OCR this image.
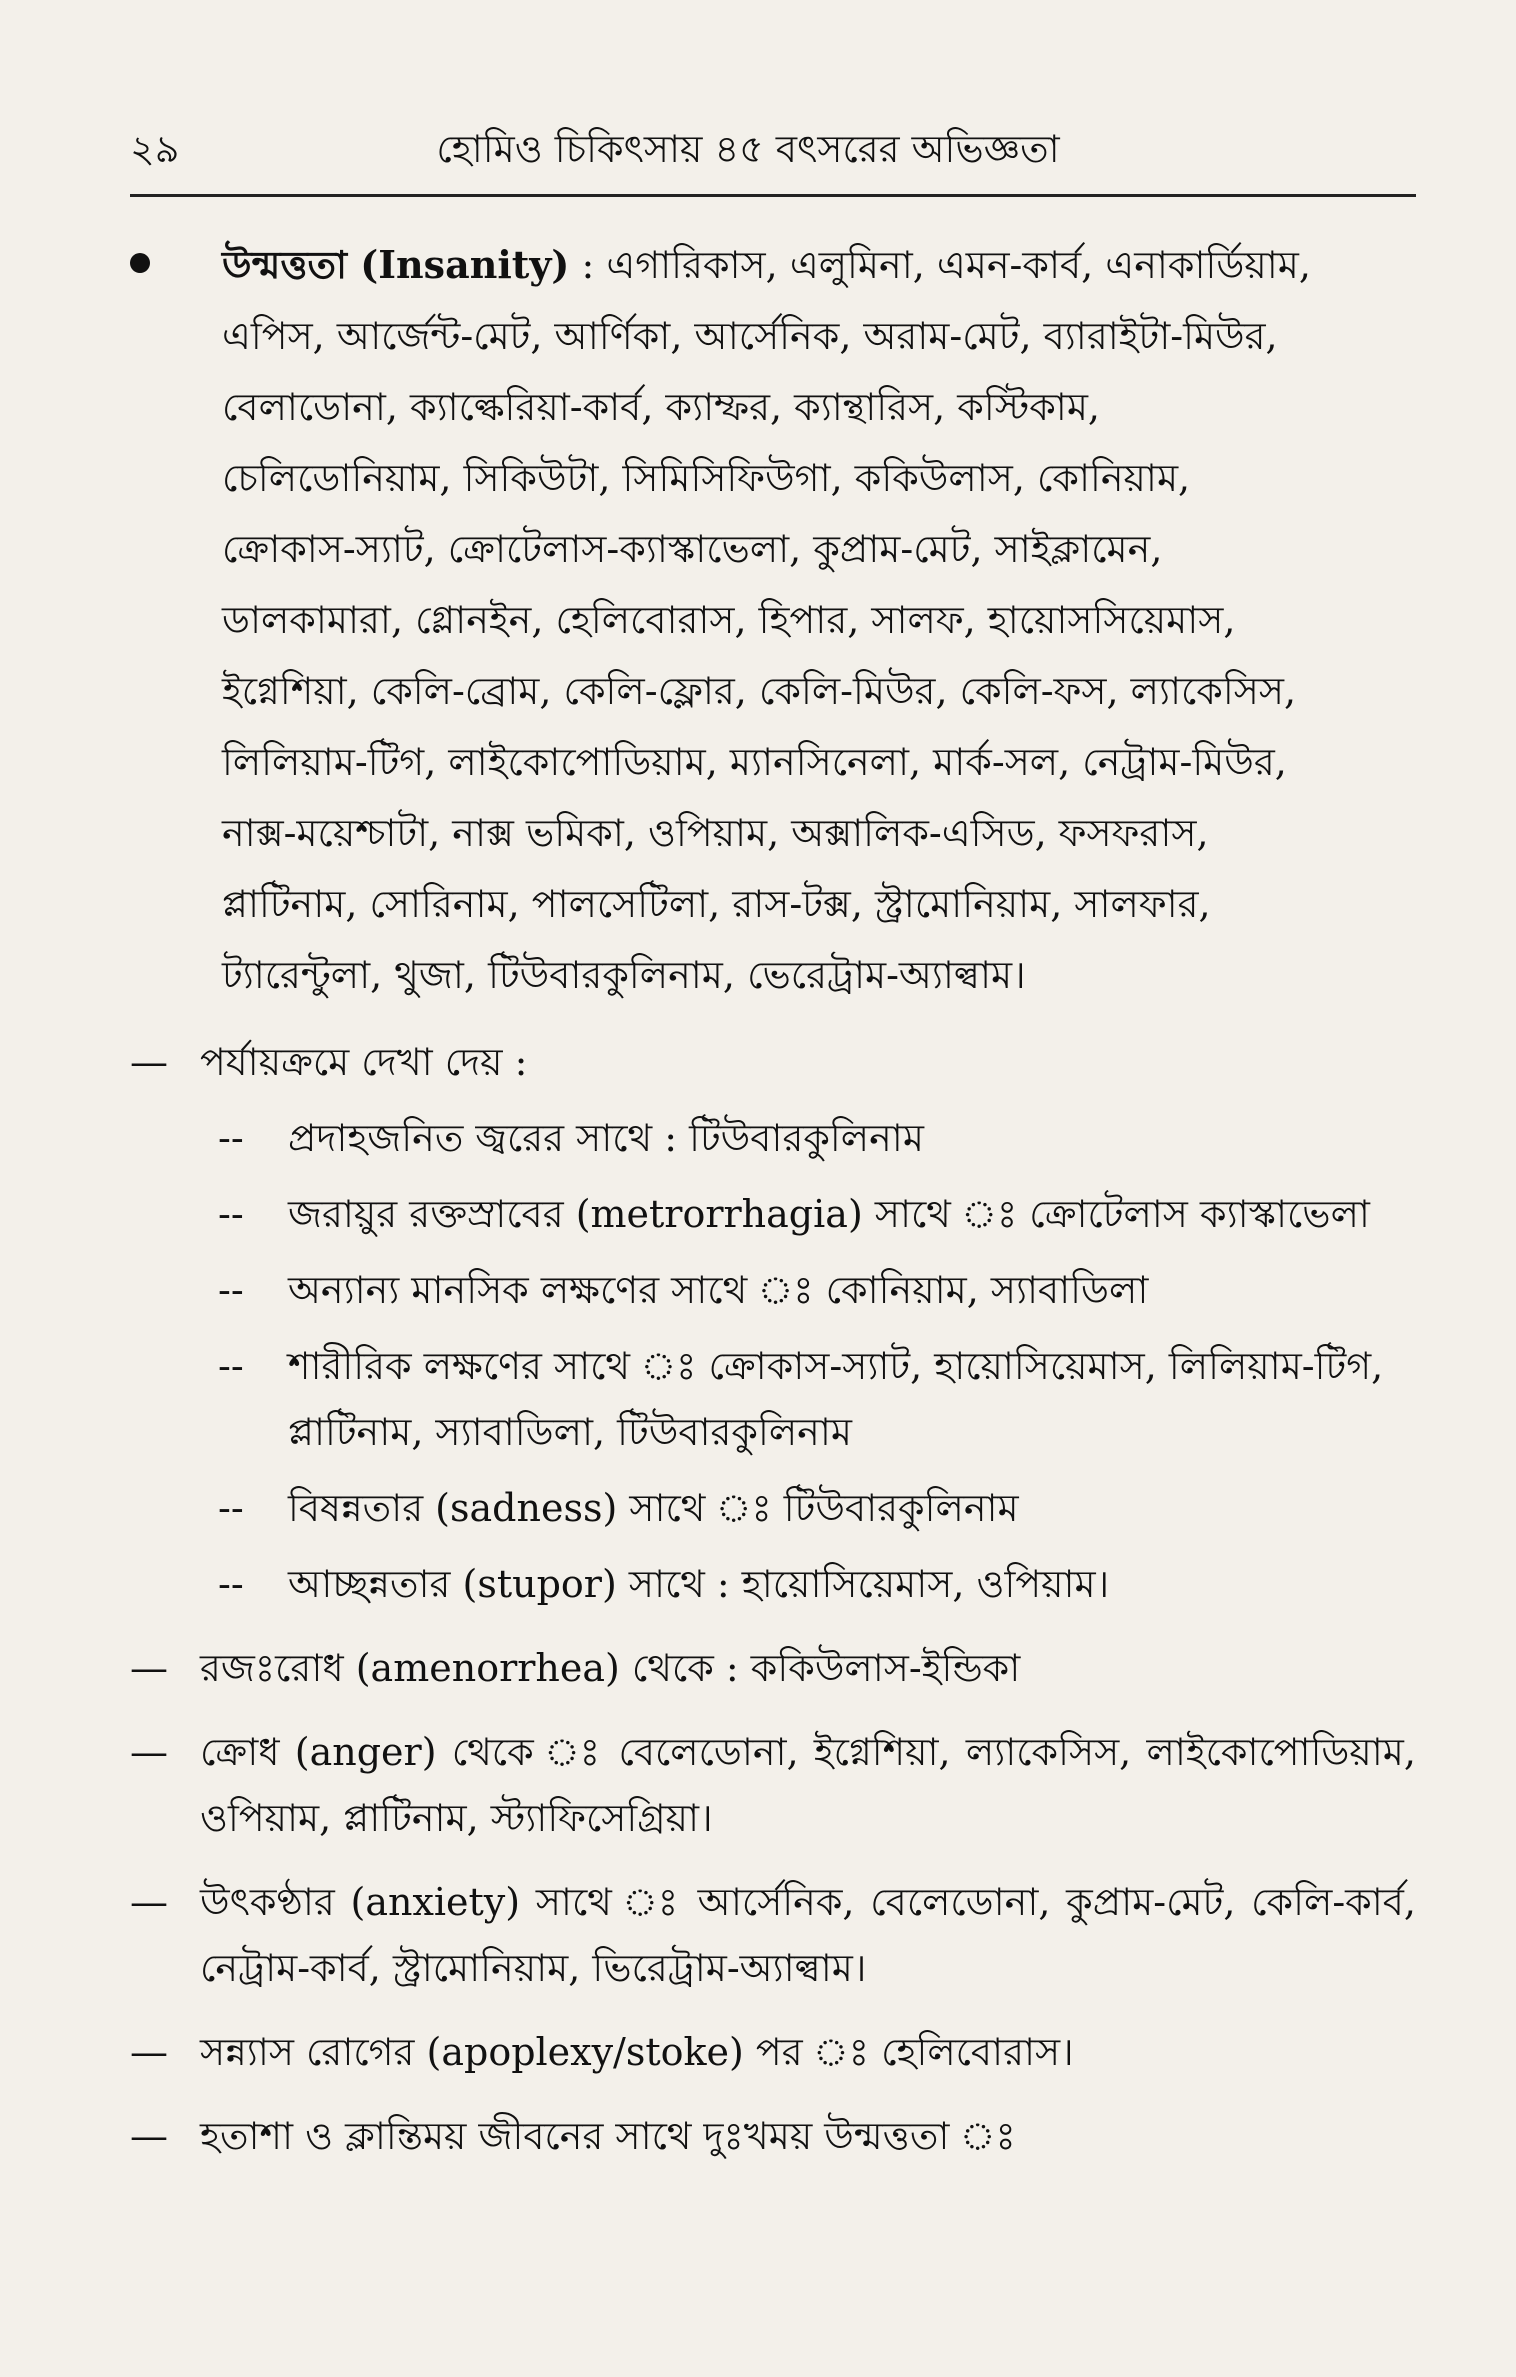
২৯	হোমিও চিকিৎসায় ৪৫ বৎসরের অভিজ্ঞতা
উন্মত্ততা (Insanity) : এগারিকাস, এলুমিনা, এমন-কার্ব, এনাকার্ডিয়াম,
এপিস, আর্জেন্ট-মেট, আর্ণিকা, আর্সেনিক, অরাম-মেট, ব্যারাইটা-মিউর,
বেলাডোনা, ক্যাল্কেরিয়া-কার্ব, ক্যাম্ফর, ক্যান্থারিস, কস্টিকাম,
চেলিডোনিয়াম, সিকিউটা, সিমিসিফিউগা, ককিউলাস, কোনিয়াম,
ক্রোকাস-স্যাট, ক্রোটেলাস-ক্যাস্কাভেলা, কুপ্রাম-মেট, সাইক্লামেন,
ডালকামারা, গ্লোনইন, হেলিবোরাস, হিপার, সালফ, হায়োসসিয়েমাস,
ইগ্নেশিয়া, কেলি-ব্রোম, কেলি-ফ্লোর, কেলি-মিউর, কেলি-ফস, ল্যাকেসিস,
লিলিয়াম-টিগ, লাইকোপোডিয়াম, ম্যানসিনেলা, মার্ক-সল, নেট্রাম-মিউর,
নাক্স-ময়েশ্চাটা, নাক্স ভমিকা, ওপিয়াম, অক্সালিক-এসিড, ফসফরাস,
প্লাটিনাম, সোরিনাম, পালসেটিলা, রাস-টক্স, স্ট্রামোনিয়াম, সালফার,
ট্যারেন্টুলা, থুজা, টিউবারকুলিনাম, ভেরেট্রাম-অ্যাল্বাম।
— পর্যায়ক্রমে দেখা দেয় :
--	প্রদাহজনিত জ্বরের সাথে : টিউবারকুলিনাম
--	জরায়ুর রক্তস্রাবের (metrorrhagia) সাথে ঃ ক্রোটেলাস ক্যাস্কাভেলা
--	অন্যান্য মানসিক লক্ষণের সাথে ঃ কোনিয়াম, স্যাবাডিলা
--	শারীরিক লক্ষণের সাথে ঃ ক্রোকাস-স্যাট, হায়োসিয়েমাস, লিলিয়াম-টিগ, প্লাটিনাম, স্যাবাডিলা, টিউবারকুলিনাম
--	বিষন্নতার (sadness) সাথে ঃ টিউবারকুলিনাম
--	আচ্ছন্নতার (stupor) সাথে : হায়োসিয়েমাস, ওপিয়াম।
— রজঃরোধ (amenorrhea) থেকে : ককিউলাস-ইন্ডিকা
— ক্রোধ (anger) থেকে ঃ বেলেডোনা, ইগ্নেশিয়া, ল্যাকেসিস, লাইকোপোডিয়াম, ওপিয়াম, প্লাটিনাম, স্ট্যাফিসেগ্রিয়া।
— উৎকণ্ঠার (anxiety) সাথে ঃ আর্সেনিক, বেলেডোনা, কুপ্রাম-মেট, কেলি-কার্ব, নেট্রাম-কার্ব, স্ট্রামোনিয়াম, ভিরেট্রাম-অ্যাল্বাম।
— সন্ন্যাস রোগের (apoplexy/stoke) পর ঃ হেলিবোরাস।
— হতাশা ও ক্লান্তিময় জীবনের সাথে দুঃখময় উন্মত্ততা ঃ
